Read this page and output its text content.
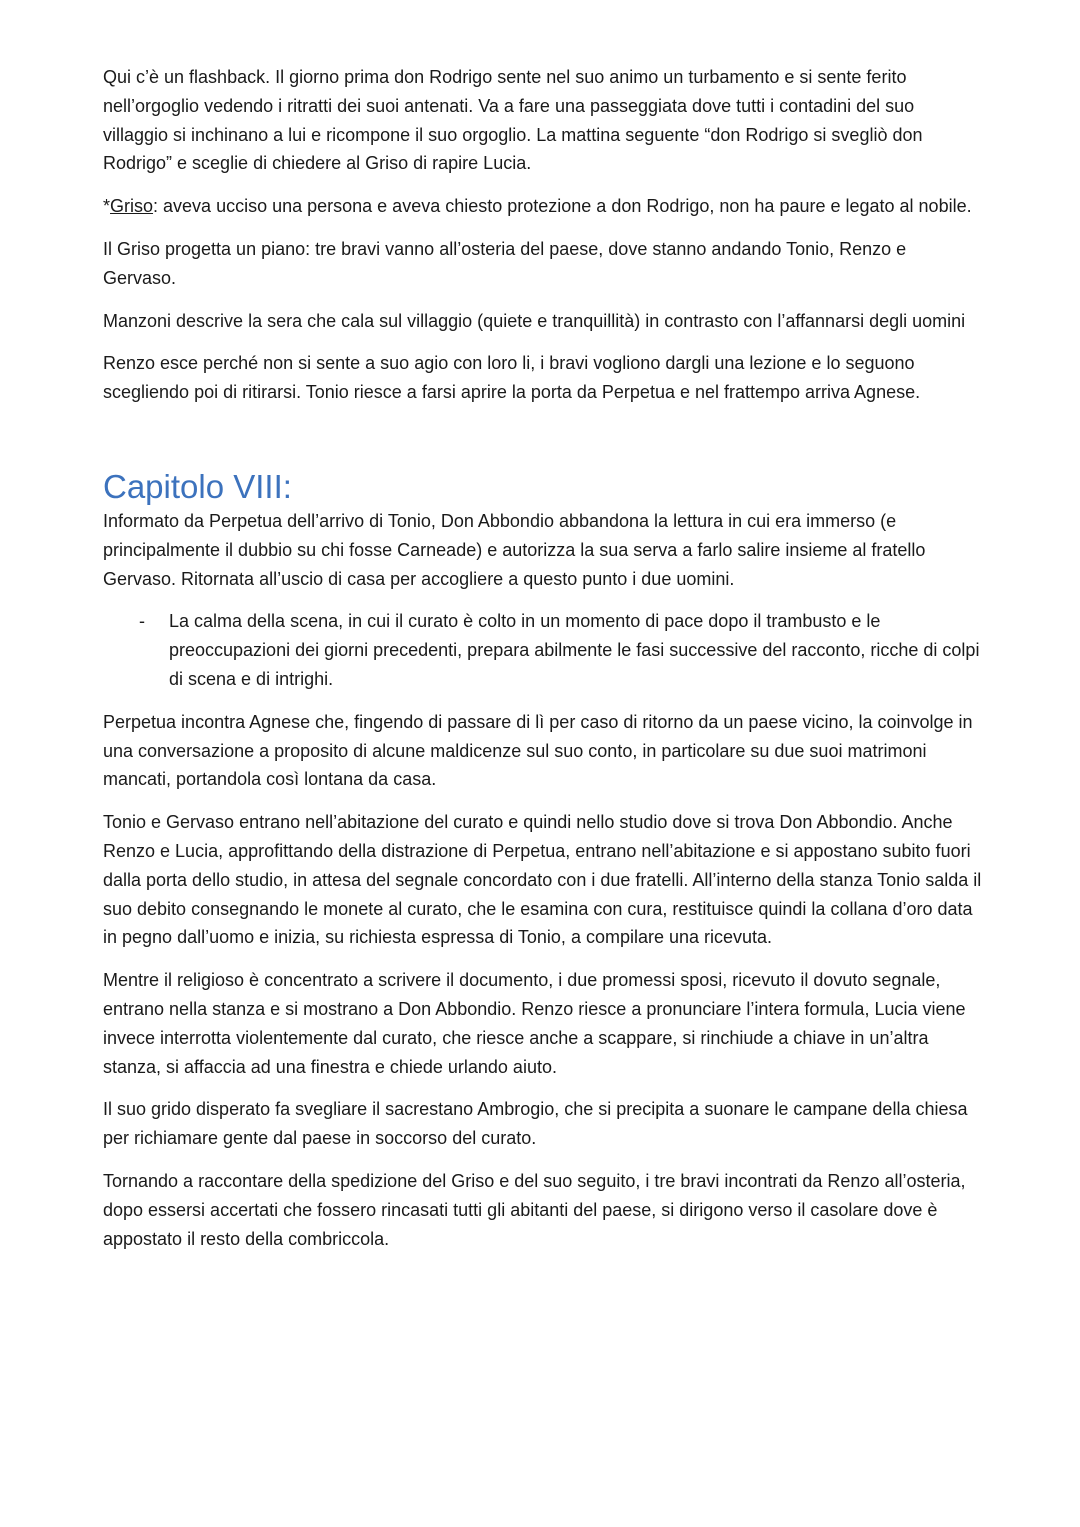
Qui c’è un flashback. Il giorno prima don Rodrigo sente nel suo animo un turbamento e si sente ferito nell’orgoglio vedendo i ritratti dei suoi antenati. Va a fare una passeggiata dove tutti i contadini del suo villaggio si inchinano a lui e ricompone il suo orgoglio. La mattina seguente “don Rodrigo si svegliò don Rodrigo” e sceglie di chiedere al Griso di rapire Lucia.

*Griso: aveva ucciso una persona e aveva chiesto protezione a don Rodrigo, non ha paure e legato al nobile.

Il Griso progetta un piano: tre bravi vanno all’osteria del paese, dove stanno andando Tonio, Renzo e Gervaso.

Manzoni descrive la sera che cala sul villaggio (quiete e tranquillità) in contrasto con l’affannarsi degli uomini

Renzo esce perché non si sente a suo agio con loro li, i bravi vogliono dargli una lezione e lo seguono scegliendo poi di ritirarsi. Tonio riesce a farsi aprire la porta da Perpetua e nel frattempo arriva Agnese.

Capitolo VIII:

Informato da Perpetua dell’arrivo di Tonio, Don Abbondio abbandona la lettura in cui era immerso (e principalmente il dubbio su chi fosse Carneade) e autorizza la sua serva a farlo salire insieme al fratello Gervaso. Ritornata all’uscio di casa per accogliere a questo punto i due uomini.

- La calma della scena, in cui il curato è colto in un momento di pace dopo il trambusto e le preoccupazioni dei giorni precedenti, prepara abilmente le fasi successive del racconto, ricche di colpi di scena e di intrighi.

Perpetua incontra Agnese che, fingendo di passare di lì per caso di ritorno da un paese vicino, la coinvolge in una conversazione a proposito di alcune maldicenze sul suo conto, in particolare su due suoi matrimoni mancati, portandola così lontana da casa.

Tonio e Gervaso entrano nell’abitazione del curato e quindi nello studio dove si trova Don Abbondio. Anche Renzo e Lucia, approfittando della distrazione di Perpetua, entrano nell’abitazione e si appostano subito fuori dalla porta dello studio, in attesa del segnale concordato con i due fratelli. All’interno della stanza Tonio salda il suo debito consegnando le monete al curato, che le esamina con cura, restituisce quindi la collana d’oro data in pegno dall’uomo e inizia, su richiesta espressa di Tonio, a compilare una ricevuta.

Mentre il religioso è concentrato a scrivere il documento, i due promessi sposi, ricevuto il dovuto segnale, entrano nella stanza e si mostrano a Don Abbondio. Renzo riesce a pronunciare l’intera formula, Lucia viene invece interrotta violentemente dal curato, che riesce anche a scappare, si rinchiude a chiave in un’altra stanza, si affaccia ad una finestra e chiede urlando aiuto.

Il suo grido disperato fa svegliare il sacrestano Ambrogio, che si precipita a suonare le campane della chiesa per richiamare gente dal paese in soccorso del curato.

Tornando a raccontare della spedizione del Griso e del suo seguito, i tre bravi incontrati da Renzo all’osteria, dopo essersi accertati che fossero rincasati tutti gli abitanti del paese, si dirigono verso il casolare dove è appostato il resto della combriccola.
